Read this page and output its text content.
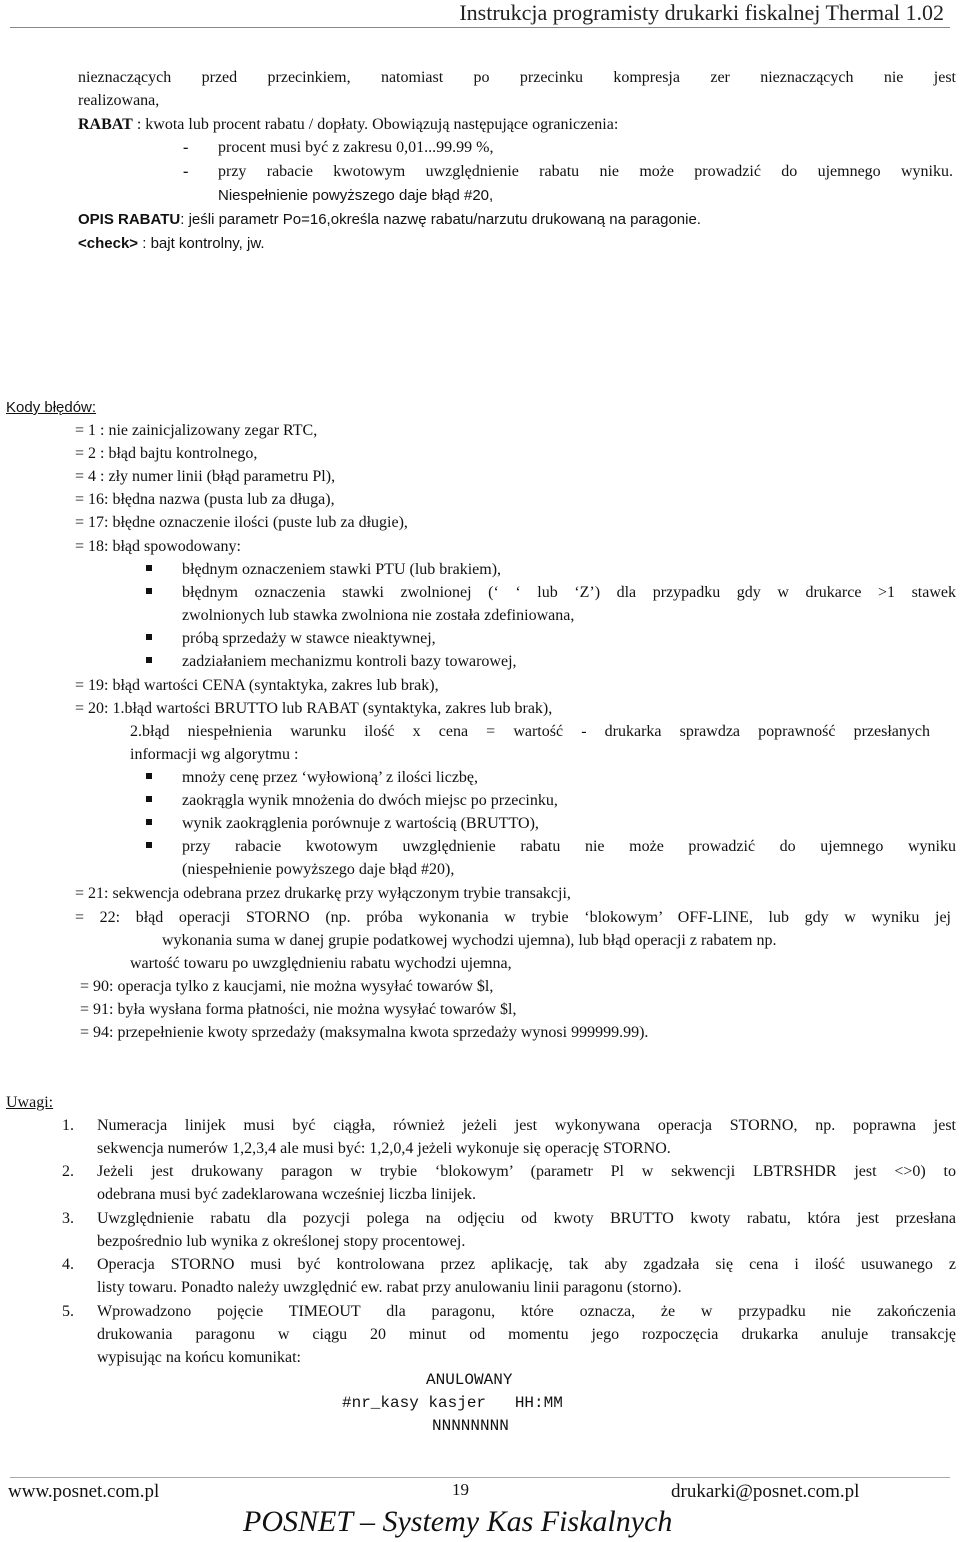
Instrukcja programisty drukarki fiskalnej Thermal 1.02
nieznaczących przed przecinkiem, natomiast po przecinku kompresja zer nieznaczących nie jest
realizowana,
RABAT : kwota lub procent rabatu / dopłaty. Obowiązują następujące ograniczenia:
- procent musi być z zakresu 0,01...99.99 %,
- przy rabacie kwotowym uwzględnienie rabatu nie może prowadzić do ujemnego wyniku.
Niespełnienie powyższego daje błąd #20,
OPIS RABATU: jeśli parametr Po=16,określa nazwę rabatu/narzutu drukowaną na paragonie.
<check> : bajt kontrolny, jw.
Kody błędów:
= 1 : nie zainicjalizowany zegar RTC,
= 2 : błąd bajtu kontrolnego,
= 4 : zły numer linii (błąd parametru Pl),
= 16: błędna nazwa (pusta lub za długa),
= 17: błędne oznaczenie ilości (puste lub za długie),
= 18: błąd spowodowany:
błędnym oznaczeniem stawki PTU (lub brakiem),
błędnym oznaczenia stawki zwolnionej (‘ ‘ lub ‘Z’) dla przypadku gdy w drukarce >1 stawek
zwolnionych lub stawka zwolniona nie została zdefiniowana,
próbą sprzedaży w stawce nieaktywnej,
zadziałaniem mechanizmu kontroli bazy towarowej,
= 19: błąd wartości CENA (syntaktyka, zakres lub brak),
= 20: 1.błąd wartości BRUTTO lub RABAT (syntaktyka, zakres lub brak),
2.błąd niespełnienia warunku ilość x cena = wartość - drukarka sprawdza poprawność przesłanych
informacji wg algorytmu :
mnoży cenę przez ‘wyłowioną’ z ilości liczbę,
zaokrągla wynik mnożenia do dwóch miejsc po przecinku,
wynik zaokrąglenia porównuje z wartością (BRUTTO),
przy rabacie kwotowym uwzględnienie rabatu nie może prowadzić do ujemnego wyniku
(niespełnienie powyższego daje błąd #20),
= 21: sekwencja odebrana przez drukarkę przy wyłączonym trybie transakcji,
= 22: błąd operacji STORNO (np. próba wykonania w trybie ‘blokowym’ OFF-LINE, lub gdy w wyniku jej
wykonania suma w danej grupie podatkowej wychodzi ujemna), lub błąd operacji z rabatem np.
wartość towaru po uwzględnieniu rabatu wychodzi ujemna,
= 90: operacja tylko z kaucjami, nie można wysyłać towarów $l,
= 91: była wysłana forma płatności, nie można wysyłać towarów $l,
= 94: przepełnienie kwoty sprzedaży (maksymalna kwota sprzedaży wynosi 999999.99).
Uwagi:
1. Numeracja linijek musi być ciągła, również jeżeli jest wykonywana operacja STORNO, np. poprawna jest
sekwencja numerów 1,2,3,4 ale musi być: 1,2,0,4 jeżeli wykonuje się operację STORNO.
2. Jeżeli jest drukowany paragon w trybie ‘blokowym’ (parametr Pl w sekwencji LBTRSHDR jest <>0) to
odebrana musi być zadeklarowana wcześniej liczba linijek.
3. Uwzględnienie rabatu dla pozycji polega na odjęciu od kwoty BRUTTO kwoty rabatu, która jest przesłana
bezpośrednio lub wynika z określonej stopy procentowej.
4. Operacja STORNO musi być kontrolowana przez aplikację, tak aby zgadzała się cena i ilość usuwanego z
listy towaru. Ponadto należy uwzględnić ew. rabat przy anulowaniu linii paragonu (storno).
5. Wprowadzono pojęcie TIMEOUT dla paragonu, które oznacza, że w przypadku nie zakończenia
drukowania paragonu w ciągu 20 minut od momentu jego rozpoczęcia drukarka anuluje transakcję
wypisując na końcu komunikat:
ANULOWANY
#nr_kasy kasjer   HH:MM
NNNNNNNN
www.posnet.com.pl	19	drukarki@posnet.com.pl
POSNET – Systemy Kas Fiskalnych
